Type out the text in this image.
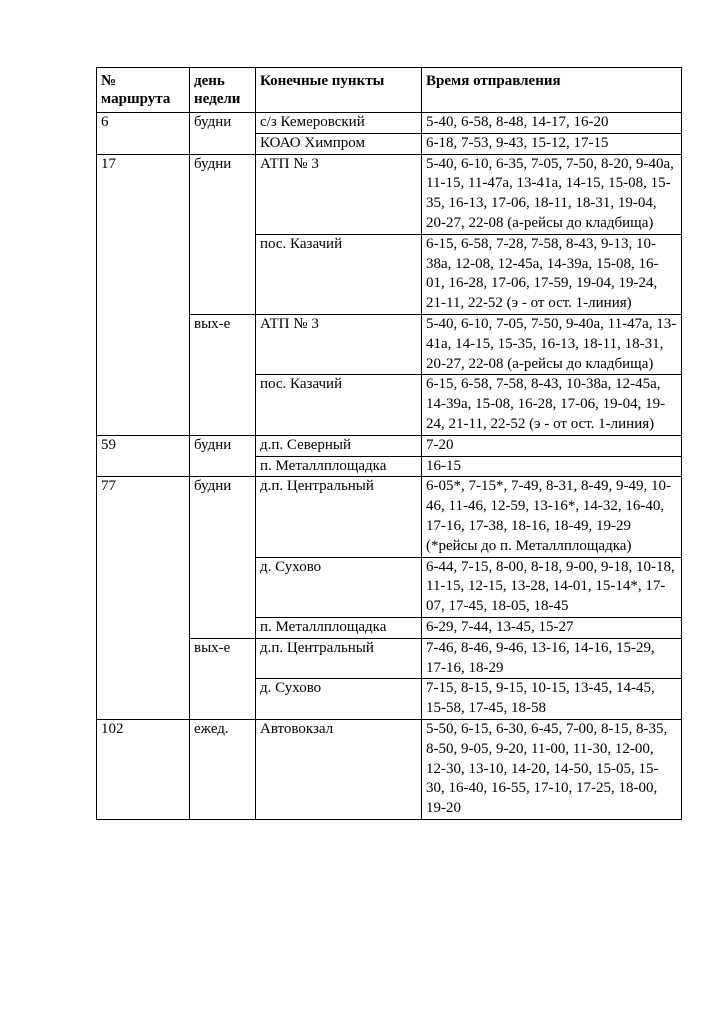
№ маршрута	день недели	Конечные пункты	Время отправления
6	будни	с/з Кемеровский	5-40, 6-58, 8-48, 14-17, 16-20
		КОАО Химпром	6-18, 7-53, 9-43, 15-12, 17-15
17	будни	АТП № 3	5-40, 6-10, 6-35, 7-05, 7-50, 8-20, 9-40а, 11-15, 11-47а, 13-41а, 14-15, 15-08, 15-35, 16-13, 17-06, 18-11, 18-31, 19-04, 20-27, 22-08 (а-рейсы до кладбища)
		пос. Казачий	6-15, 6-58, 7-28, 7-58, 8-43, 9-13, 10-38а, 12-08, 12-45а, 14-39а, 15-08, 16-01, 16-28, 17-06, 17-59, 19-04, 19-24, 21-11, 22-52 (э - от ост. 1-линия)
	вых-е	АТП № 3	5-40, 6-10, 7-05, 7-50, 9-40а, 11-47а, 13-41а, 14-15, 15-35, 16-13, 18-11, 18-31, 20-27, 22-08 (а-рейсы до кладбища)
		пос. Казачий	6-15, 6-58, 7-58, 8-43, 10-38а, 12-45а, 14-39а, 15-08, 16-28, 17-06, 19-04, 19-24, 21-11, 22-52 (э - от ост. 1-линия)
59	будни	д.п. Северный	7-20
		п. Металлплощадка	16-15
77	будни	д.п. Центральный	6-05*, 7-15*, 7-49, 8-31, 8-49, 9-49, 10-46, 11-46, 12-59, 13-16*, 14-32, 16-40, 17-16, 17-38, 18-16, 18-49, 19-29 (*рейсы до п. Металлплощадка)
		д. Сухово	6-44, 7-15, 8-00, 8-18, 9-00, 9-18, 10-18, 11-15, 12-15, 13-28, 14-01, 15-14*, 17-07, 17-45, 18-05, 18-45
		п. Металлплощадка	6-29, 7-44, 13-45, 15-27
	вых-е	д.п. Центральный	7-46, 8-46, 9-46, 13-16, 14-16, 15-29, 17-16, 18-29
		д. Сухово	7-15, 8-15, 9-15, 10-15, 13-45, 14-45, 15-58, 17-45, 18-58
102	ежед.	Автовокзал	5-50, 6-15, 6-30, 6-45, 7-00, 8-15, 8-35, 8-50, 9-05, 9-20, 11-00, 11-30, 12-00, 12-30, 13-10, 14-20, 14-50, 15-05, 15-30, 16-40, 16-55, 17-10, 17-25, 18-00, 19-20
